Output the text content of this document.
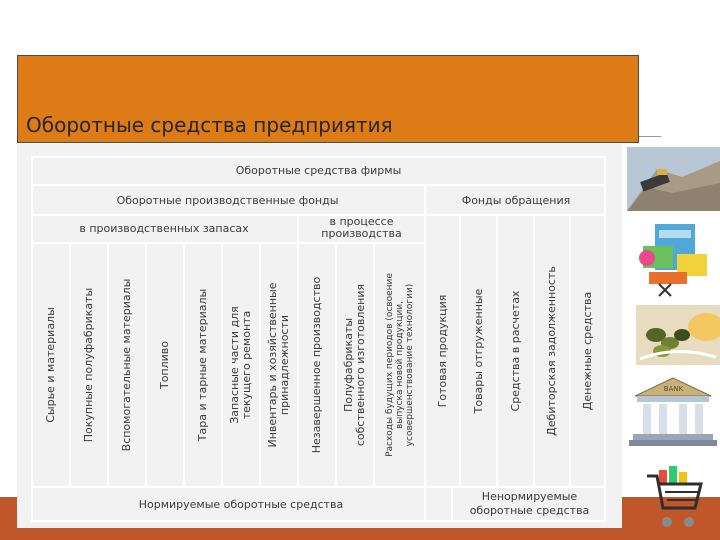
Оборотные средства предприятия
Оборотные средства фирмы
Оборотные производственные фонды	Фонды обращения
в производственных запасах
в процессе
производства
Сырье и материалы Покупные полуфабрикаты Вспомогательные материалы Топливо Тара и тарные материалы Запасные части для текущего ремонта Инвентарь и хозяйственные принадлежности Незавершенное производство Полуфабрикаты собственного изготовления Расходы будущих периодов (освоение выпуска новой продукции, усовершенствование технологии) Готовая продукция Товары отгруженные Средства в расчетах Дебиторская задолженность Денежные средства
Нормируемые оборотные средства
Ненормируемые
оборотные средства
BANK
